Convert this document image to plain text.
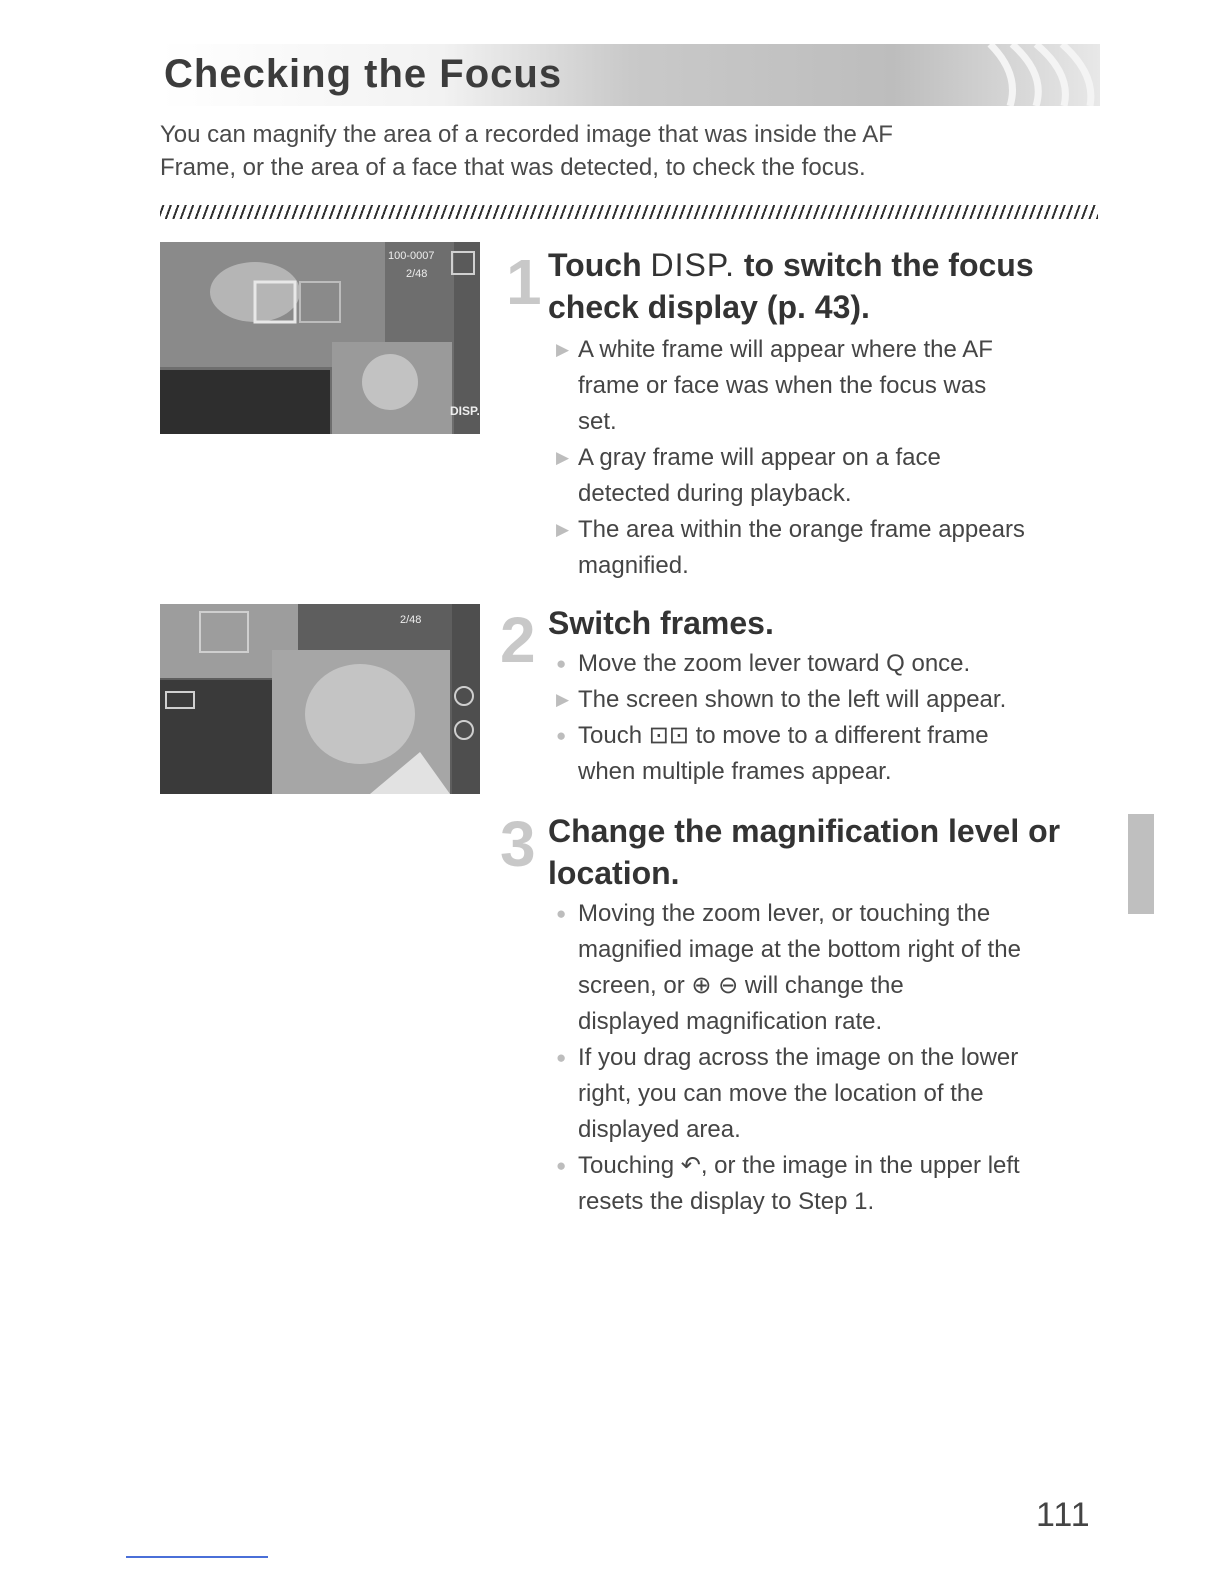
Checking the Focus
You can magnify the area of a recorded image that was inside the AF
Frame, or the area of a face that was detected, to check the focus.
100-0007
2/48
DISP.
2/48
1 Touch DISP. to switch the focus
check display (p. 43).
▶ A white frame will appear where the AF
frame or face was when the focus was
set.
▶ A gray frame will appear on a face
detected during playback.
▶ The area within the orange frame appears
magnified.
2 Switch frames.
● Move the zoom lever toward Q once.
▶ The screen shown to the left will appear.
● Touch ⊡⊡ to move to a different frame
when multiple frames appear.
3 Change the magnification level or
location.
● Moving the zoom lever, or touching the
magnified image at the bottom right of the
screen, or ⊕ ⊖ will change the
displayed magnification rate.
● If you drag across the image on the lower
right, you can move the location of the
displayed area.
● Touching ↶, or the image in the upper left
resets the display to Step 1.
111
